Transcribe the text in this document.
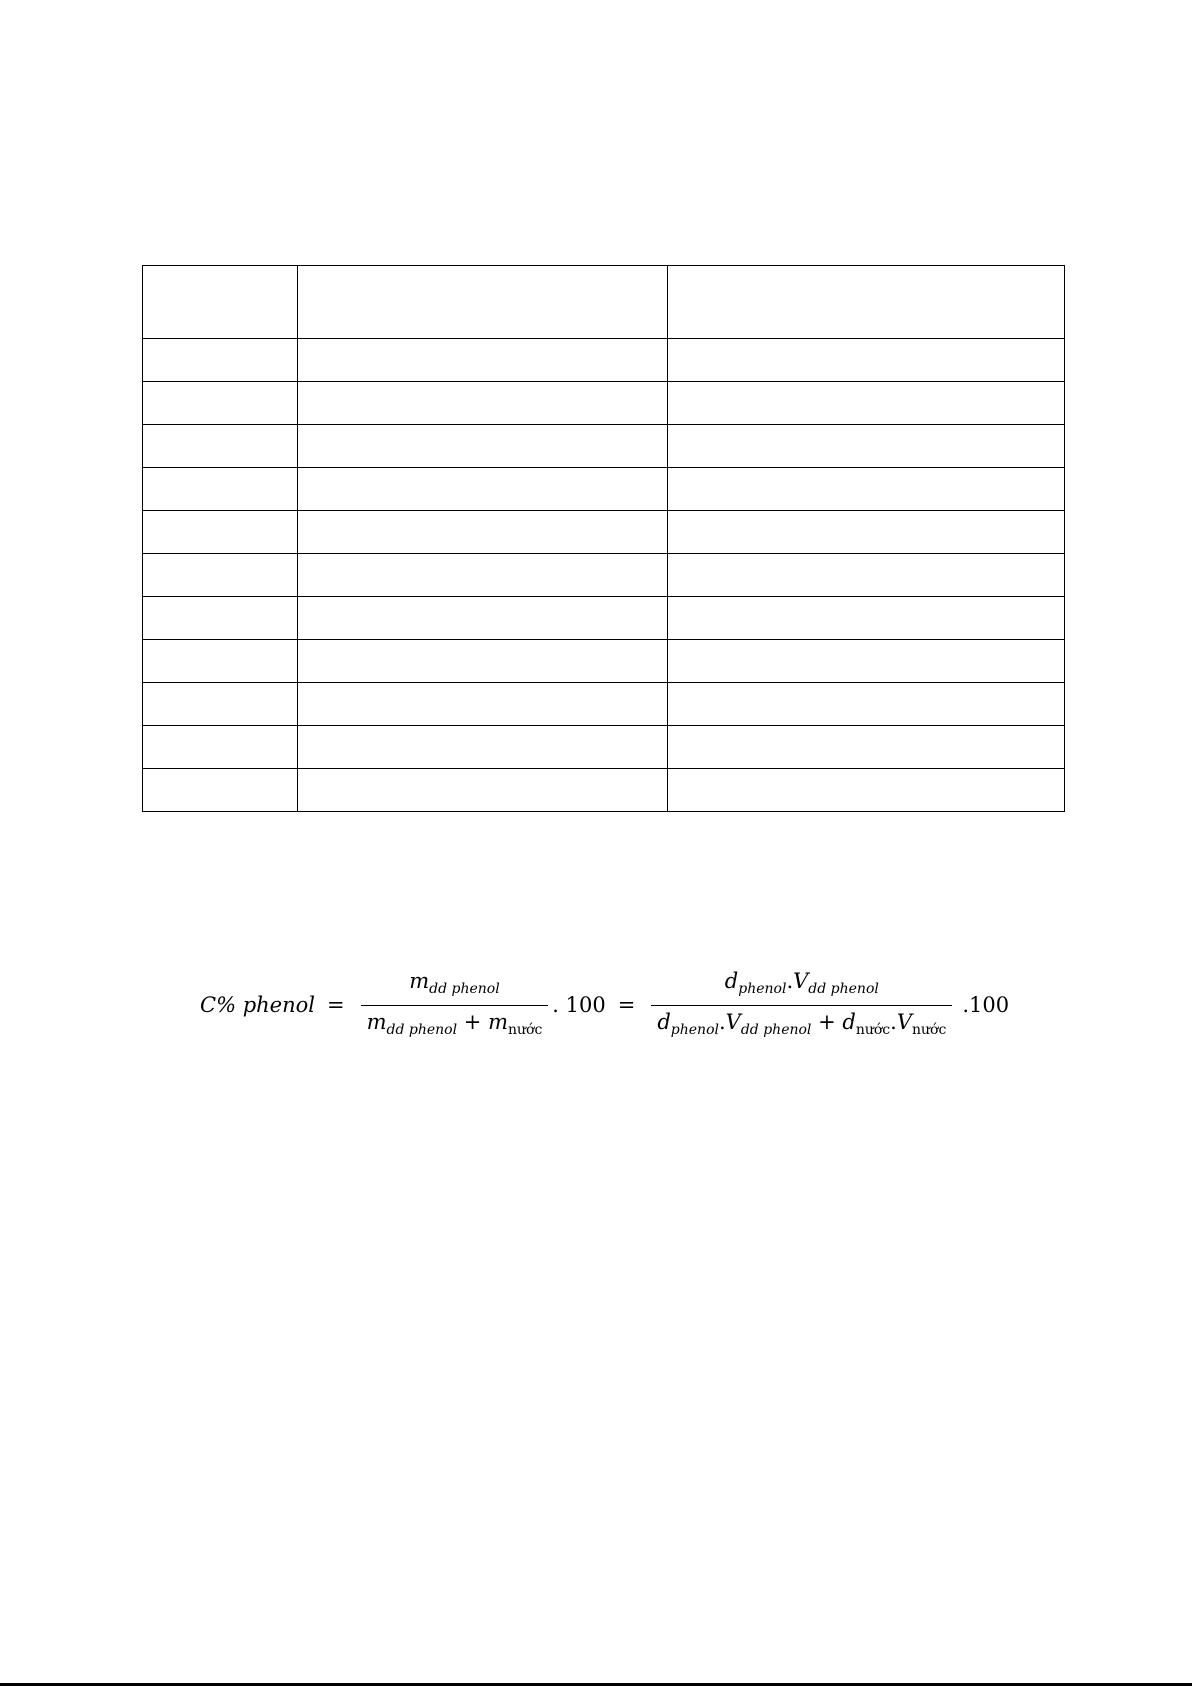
C% phenol = $\frac{m_{dd phenol}}{m_{dd phenol} + m_{nước}}$ . $100 = \frac{d_{phenol}.V_{dd phenol}}{d_{phenol}.V_{dd phenol} + d_{nước}.V_{nước}} .100$
